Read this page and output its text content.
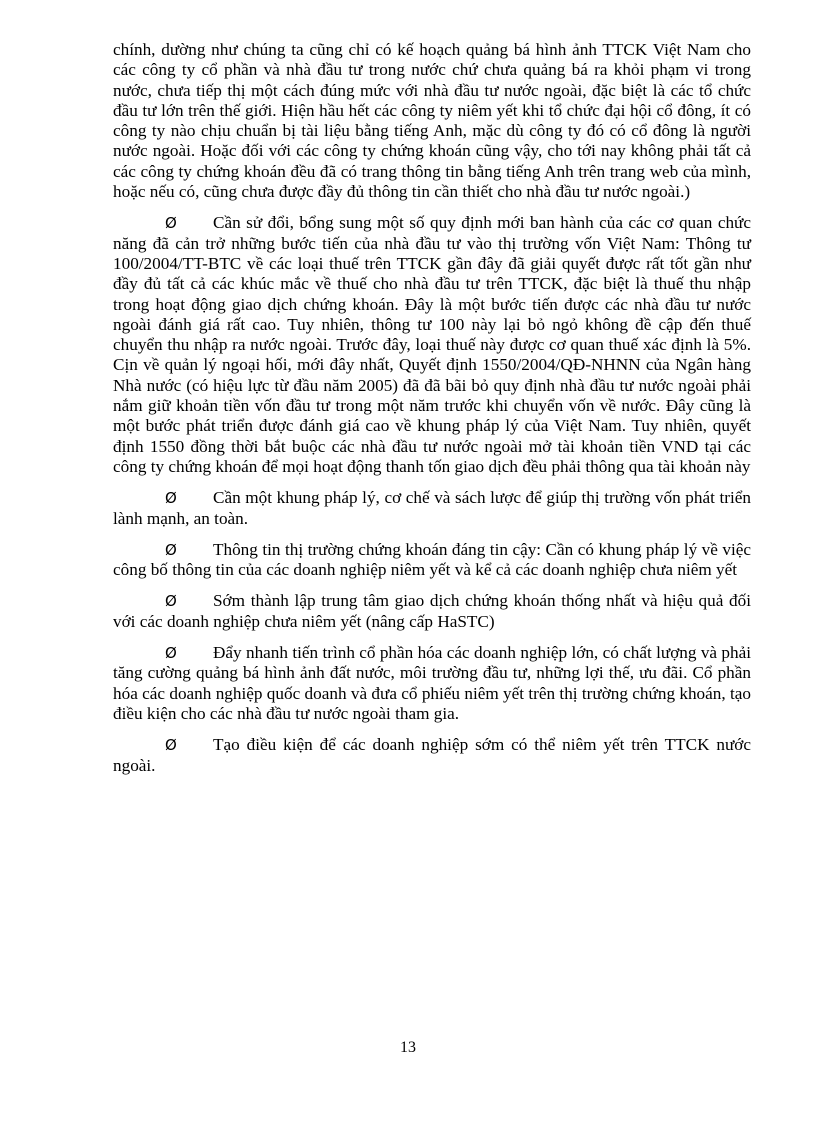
chính, dường như chúng ta cũng chỉ có kế hoạch quảng bá hình ảnh TTCK Việt Nam cho các công ty cổ phần và nhà đầu tư trong nước chứ chưa quảng bá ra khỏi phạm vi trong nước, chưa tiếp thị một cách đúng mức với nhà đầu tư nước ngoài, đặc biệt là các tổ chức đầu tư lớn trên thế giới. Hiện hầu hết các công ty niêm yết khi tổ chức đại hội cổ đông, ít có công ty nào chịu chuẩn bị tài liệu bằng tiếng Anh, mặc dù công ty đó có cổ đông là người nước ngoài. Hoặc đối với các công ty chứng khoán cũng vậy, cho tới nay không phải tất cả các công ty chứng khoán đều đã có trang thông tin bằng tiếng Anh trên trang web của mình, hoặc nếu có, cũng chưa được đầy đủ thông tin cần thiết cho nhà đầu tư nước ngoài.)

Ø Cần sử đổi, bổng sung một số quy định mới ban hành của các cơ quan chức năng đã cản trở những bước tiến của nhà đầu tư vào thị trường vốn Việt Nam: Thông tư 100/2004/TT-BTC về các loại thuế trên TTCK gần đây đã giải quyết được rất tốt gần như đầy đủ tất cả các khúc mắc về thuế cho nhà đầu tư trên TTCK, đặc biệt là thuế thu nhập trong hoạt động giao dịch chứng khoán. Đây là một bước tiến được các nhà đầu tư nước ngoài đánh giá rất cao. Tuy nhiên, thông tư 100 này lại bỏ ngỏ không đề cập đến thuế chuyển thu nhập ra nước ngoài. Trước đây, loại thuế này được cơ quan thuế xác định là 5%. Cịn về quản lý ngoại hối, mới đây nhất, Quyết định 1550/2004/QĐ-NHNN của Ngân hàng Nhà nước (có hiệu lực từ đầu năm 2005) đã đã bãi bỏ quy định nhà đầu tư nước ngoài phải nắm giữ khoản tiền vốn đầu tư trong một năm trước khi chuyển vốn về nước. Đây cũng là một bước phát triển được đánh giá cao về khung pháp lý của Việt Nam. Tuy nhiên, quyết định 1550 đồng thời bắt buộc các nhà đầu tư nước ngoài mở tài khoản tiền VND tại các công ty chứng khoán để mọi hoạt động thanh tốn giao dịch đều phải thông qua tài khoản này

Ø Cần một khung pháp lý, cơ chế và sách lược để giúp thị trường vốn phát triển lành mạnh, an toàn.

Ø Thông tin thị trường chứng khoán đáng tin cậy: Cần có khung pháp lý về việc công bố thông tin của các doanh nghiệp niêm yết và kể cả các doanh nghiệp chưa niêm yết

Ø Sớm thành lập trung tâm giao dịch chứng khoán thống nhất và hiệu quả đối với các doanh nghiệp chưa niêm yết (nâng cấp HaSTC)

Ø Đẩy nhanh tiến trình cổ phần hóa các doanh nghiệp lớn, có chất lượng và phải tăng cường quảng bá hình ảnh đất nước, môi trường đầu tư, những lợi thế, ưu đãi. Cổ phần hóa các doanh nghiệp quốc doanh và đưa cổ phiếu niêm yết trên thị trường chứng khoán, tạo điều kiện cho các nhà đầu tư nước ngoài tham gia.

Ø Tạo điều kiện để các doanh nghiệp sớm có thể niêm yết trên TTCK nước ngoài.

13
